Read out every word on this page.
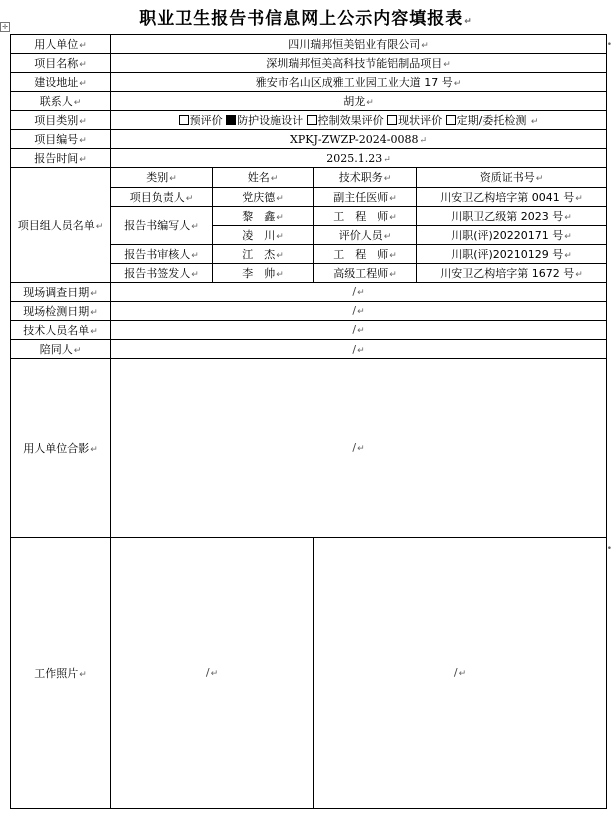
职业卫生报告书信息网上公示内容填报表↵
✛
用人单位↵	四川瑞邦恒美铝业有限公司↵			
项目名称↵	深圳瑞邦恒美高科技节能铝制品项目↵			
建设地址↵	雅安市名山区成雅工业园工业大道 17 号↵			
联系人↵	胡龙↵			
项目类别↵	预评价 防护设施设计 控制效果评价 现状评价 定期/委托检测 ↵			
项目编号↵	XPKJ-ZWZP-2024-0088↵			
报告时间↵	2025.1.23↵			
项目组人员名单↵	类别↵	姓名↵	技术职务↵	资质证书号↵
	项目负责人↵	党庆德↵	副主任医师↵	川安卫乙构培字第 0041 号↵
	报告书编写人↵	黎　鑫↵	工　程　师↵	川职卫乙级第 2023 号↵
		凌　川↵	评价人员↵	川职(评)20220171 号↵
	报告书审核人↵	江　杰↵	工　程　师↵	川职(评)20210129 号↵
	报告书签发人↵	李　帅↵	高级工程师↵	川安卫乙构培字第 1672 号↵
现场调查日期↵	/↵			
现场检测日期↵	/↵			
技术人员名单↵	/↵			
陪同人↵	/↵			
用人单位合影↵	/↵			
工作照片↵	/↵		/↵	
•
•
